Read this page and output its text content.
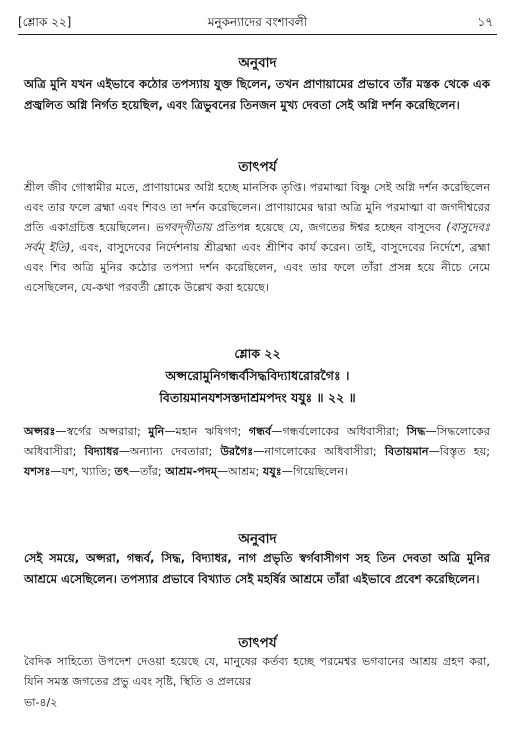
[শ্লোক ২২]	মনুকন্যাদের বংশাবলী	১৭
অনুবাদ
অত্রি মুনি যখন এইভাবে কঠোর তপস্যায় যুক্ত ছিলেন, তখন প্রাণায়ামের প্রভাবে তাঁর মস্তক থেকে এক প্রজ্বলিত অগ্নি নির্গত হয়েছিল, এবং ত্রিভুবনের তিনজন মুখ্য দেবতা সেই অগ্নি দর্শন করেছিলেন।
তাৎপর্য
শ্রীল জীব গোস্বামীর মতে, প্রাণায়ামের অগ্নি হচ্ছে মানসিক তৃপ্তি। পরমাত্মা বিষ্ণু সেই অগ্নি দর্শন করেছিলেন এবং তার ফলে ব্রহ্মা এবং শিবও তা দর্শন করেছিলেন। প্রাণায়ামের দ্বারা অত্রি মুনি পরমাত্মা বা জগদীশ্বরের প্রতি একাগ্রচিত্ত হয়েছিলেন। ভগবদ্‌গীতায় প্রতিপন্ন হয়েছে যে, জগতের ঈশ্বর হচ্ছেন বাসুদেব (বাসুদেবঃ সর্বম্‌ ইতি), এবং, বাসুদেবের নির্দেশনায় শ্রীব্রহ্মা এবং শ্রীশিব কার্য করেন। তাই, বাসুদেবের নির্দেশে, ব্রহ্মা এবং শিব অত্রি মুনির কঠোর তপস্যা দর্শন করেছিলেন, এবং তার ফলে তাঁরা প্রসন্ন হয়ে নীচে নেমে এসেছিলেন, যে-কথা পরবর্তী শ্লোকে উল্লেখ করা হয়েছে।
শ্লোক ২২
অপ্সরোমুনিগন্ধর্বসিদ্ধবিদ্যাধরোরগৈঃ ।
বিতায়মানযশসস্তদাশ্রমপদং যযুঃ ॥ ২২ ॥
অপ্সরঃ—স্বর্গের অপ্সরারা; মুনি—মহান ঋষিগণ; গন্ধর্ব—গন্ধর্বলোকের অধিবাসীরা; সিদ্ধ—সিদ্ধলোকের অধিবাসীরা; বিদ্যাধর—অন্যান্য দেবতারা; উরগৈঃ—নাগলোকের অধিবাসীরা; বিতায়মান—বিস্তৃত হয়; যশসঃ—যশ, খ্যাতি; তৎ—তাঁর; আশ্রম-পদম্‌—আশ্রম; যযুঃ—গিয়েছিলেন।
অনুবাদ
সেই সময়ে, অপ্সরা, গন্ধর্ব, সিদ্ধ, বিদ্যাধর, নাগ প্রভৃতি স্বর্গবাসীগণ সহ তিন দেবতা অত্রি মুনির আশ্রমে এসেছিলেন। তপস্যার প্রভাবে বিখ্যাত সেই মহর্ষির আশ্রমে তাঁরা এইভাবে প্রবেশ করেছিলেন।
তাৎপর্য
বৈদিক সাহিত্যে উপদেশ দেওয়া হয়েছে যে, মানুষের কর্তব্য হচ্ছে পরমেশ্বর ভগবানের আশ্রয় গ্রহণ করা, যিনি সমস্ত জগতের প্রভু এবং সৃষ্টি, স্থিতি ও প্রলয়ের
ভা-৪/২
